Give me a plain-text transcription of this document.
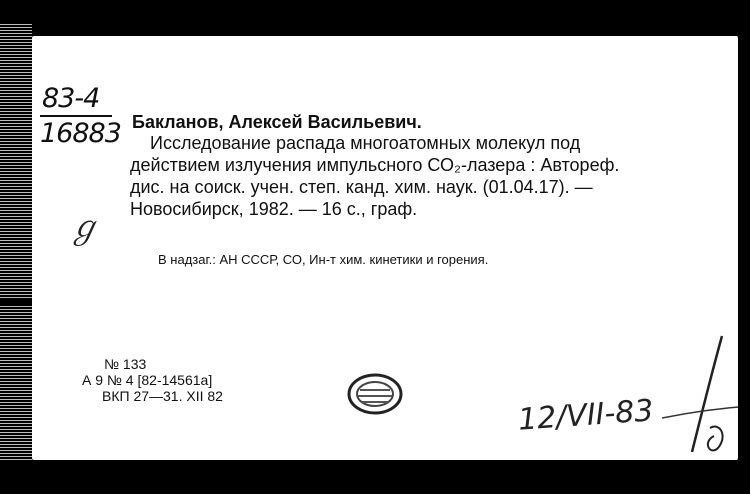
83-4
16883 Бакланов, Алексей Васильевич.
Исследование распада многоатомных молекул под
действием излучения импульсного СО₂-лазера : Автореф.
дис. на соиск. учен. степ. канд. хим. наук. (01.04.17). —
Новосибирск, 1982. — 16 с., граф.
В надзаг.: АН СССР, СО, Ин-т хим. кинетики и горения.
ℊ
№ 133
А 9 № 4 [82-14561а]
ВКП 27—31. XII 82	12/VII-83
